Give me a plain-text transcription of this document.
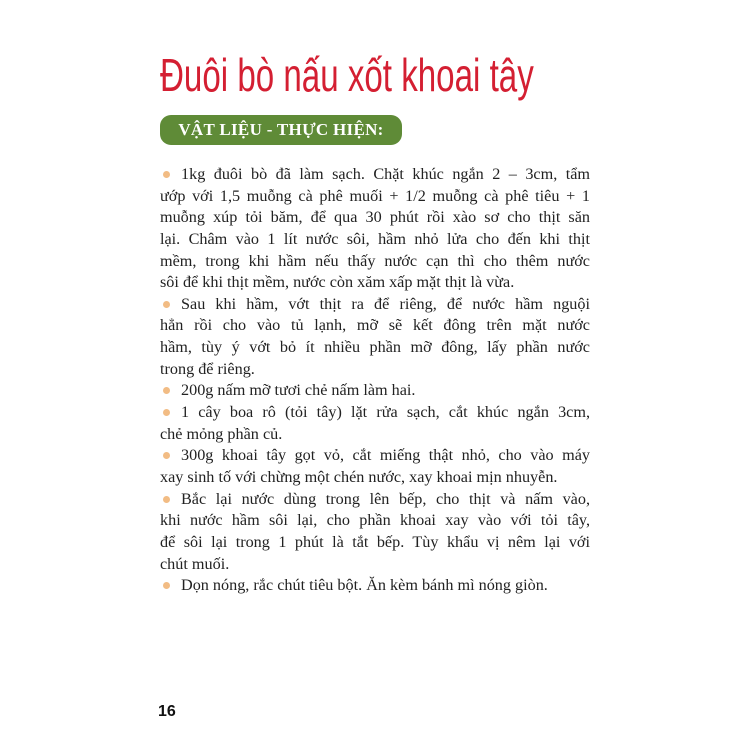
Đuôi bò nấu xốt khoai tây
VẬT LIỆU - THỰC HIỆN:
1kg đuôi bò đã làm sạch. Chặt khúc ngắn 2 – 3cm, tẩm
ướp với 1,5 muỗng cà phê muối + 1/2 muỗng cà phê tiêu + 1
muỗng xúp tỏi băm, để qua 30 phút rồi xào sơ cho thịt săn
lại. Châm vào 1 lít nước sôi, hầm nhỏ lửa cho đến khi thịt
mềm, trong khi hầm nếu thấy nước cạn thì cho thêm nước
sôi để khi thịt mềm, nước còn xăm xấp mặt thịt là vừa.
Sau khi hầm, vớt thịt ra để riêng, để nước hầm nguội
hẳn rồi cho vào tủ lạnh, mỡ sẽ kết đông trên mặt nước
hầm, tùy ý vớt bỏ ít nhiều phần mỡ đông, lấy phần nước
trong để riêng.
200g nấm mỡ tươi chẻ nấm làm hai.
1 cây boa rô (tỏi tây) lặt rửa sạch, cắt khúc ngắn 3cm,
chẻ mỏng phần củ.
300g khoai tây gọt vỏ, cắt miếng thật nhỏ, cho vào máy
xay sinh tố với chừng một chén nước, xay khoai mịn nhuyễn.
Bắc lại nước dùng trong lên bếp, cho thịt và nấm vào,
khi nước hầm sôi lại, cho phần khoai xay vào với tỏi tây,
để sôi lại trong 1 phút là tắt bếp. Tùy khẩu vị nêm lại với
chút muối.
Dọn nóng, rắc chút tiêu bột. Ăn kèm bánh mì nóng giòn.
16
